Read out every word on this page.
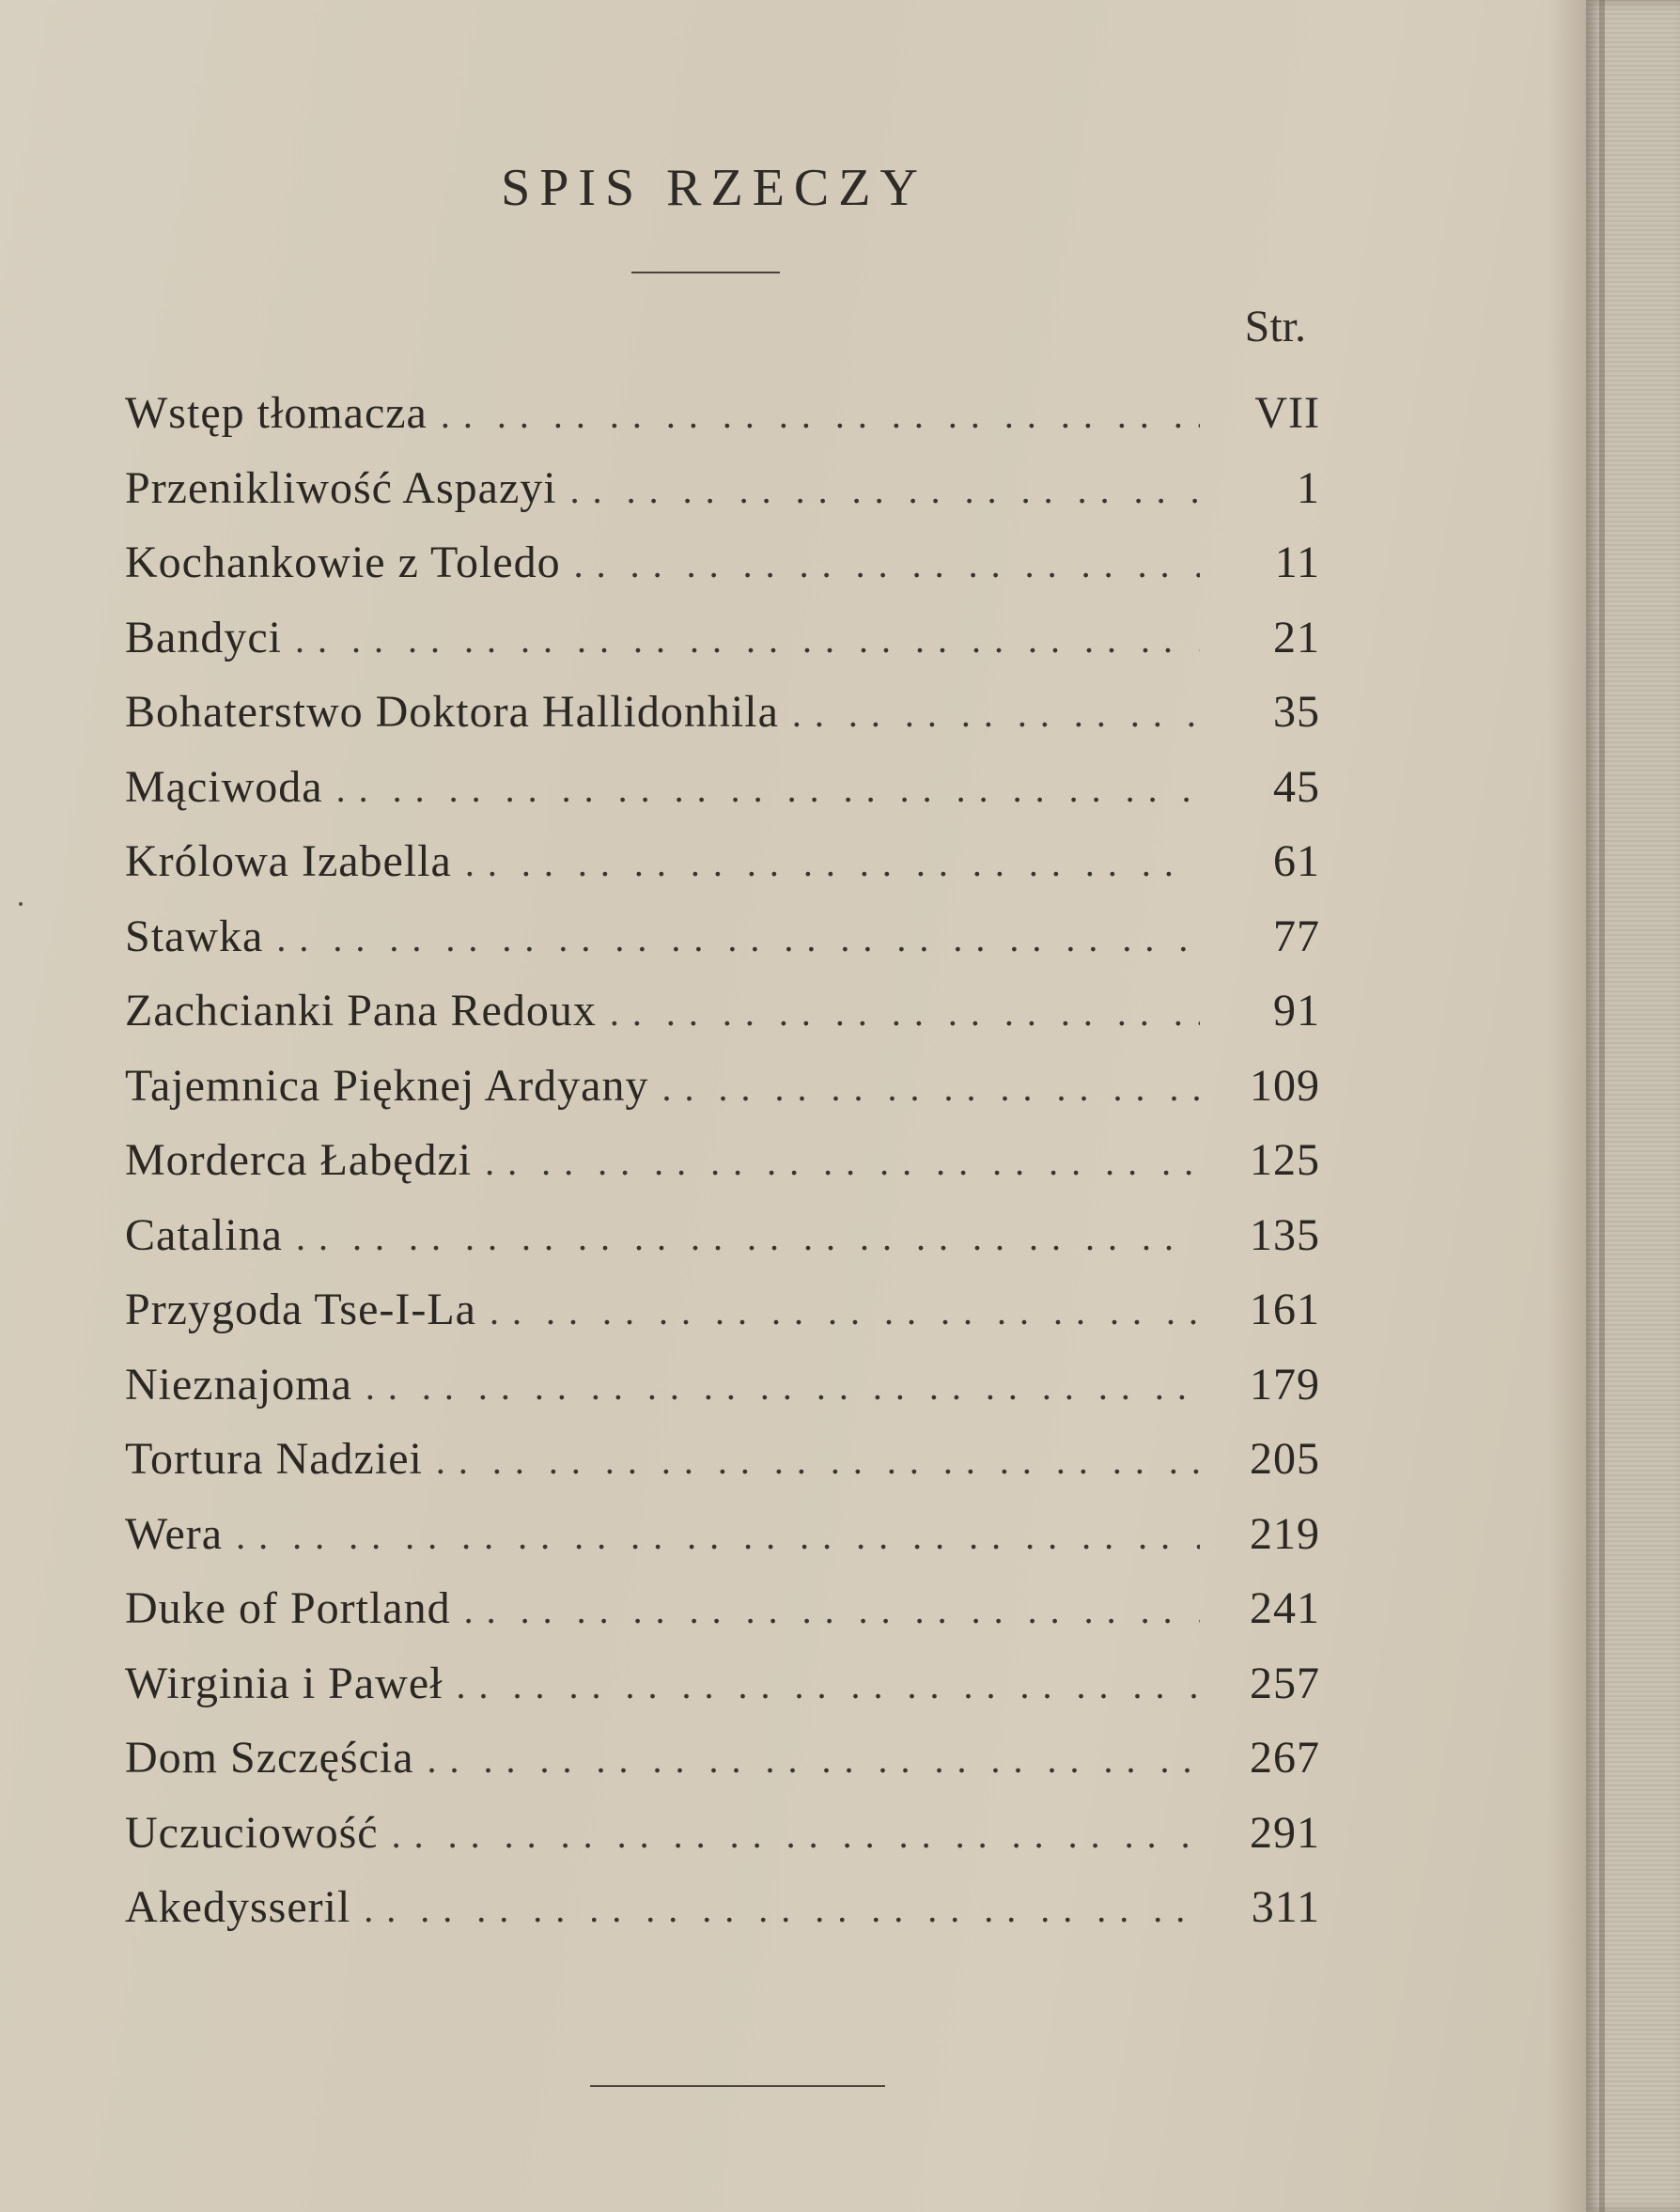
SPIS RZECZY
Str.
Wstęp tłomacza . .	VII
Przenikliwość Aspazyi . .	1
Kochankowie z Toledo . .	11
Bandyci . .	21
Bohaterstwo Doktora Hallidonhila . .	35
Mąciwoda . .	45
Królowa Izabella . .	61
Stawka . .	77
Zachcianki Pana Redoux . .	91
Tajemnica Pięknej Ardyany . .	109
Morderca Łabędzi . .	125
Catalina . .	135
Przygoda Tse-I-La . .	161
Nieznajoma . .	179
Tortura Nadziei . .	205
Wera . .	219
Duke of Portland . .	241
Wirginia i Paweł . .	257
Dom Szczęścia . .	267
Uczuciowość . .	291
Akedysseril . .	311
